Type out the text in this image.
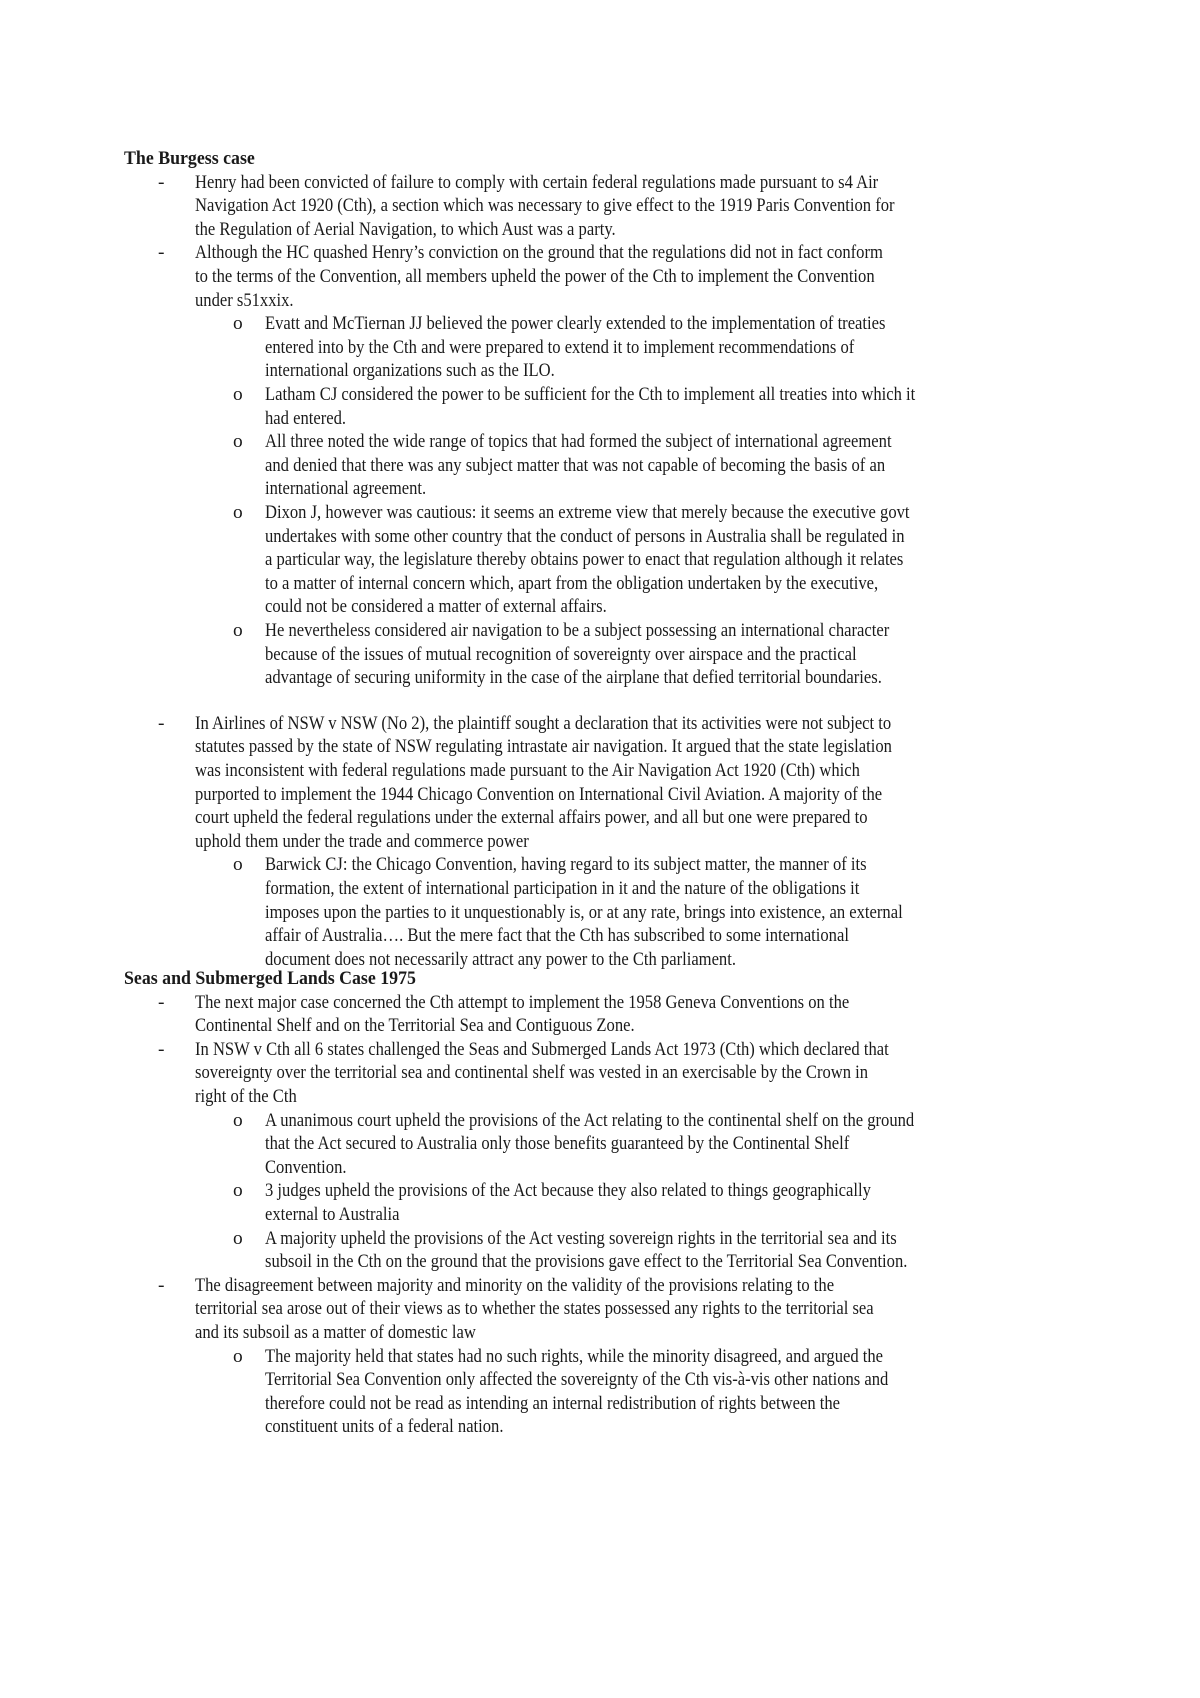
The Burgess case
- Henry had been convicted of failure to comply with certain federal regulations made pursuant to s4 Air
Navigation Act 1920 (Cth), a section which was necessary to give effect to the 1919 Paris Convention for
the Regulation of Aerial Navigation, to which Aust was a party.
- Although the HC quashed Henry’s conviction on the ground that the regulations did not in fact conform
to the terms of the Convention, all members upheld the power of the Cth to implement the Convention
under s51xxix.
o Evatt and McTiernan JJ believed the power clearly extended to the implementation of treaties
entered into by the Cth and were prepared to extend it to implement recommendations of
international organizations such as the ILO.
o Latham CJ considered the power to be sufficient for the Cth to implement all treaties into which it
had entered.
o All three noted the wide range of topics that had formed the subject of international agreement
and denied that there was any subject matter that was not capable of becoming the basis of an
international agreement.
o Dixon J, however was cautious: it seems an extreme view that merely because the executive govt
undertakes with some other country that the conduct of persons in Australia shall be regulated in
a particular way, the legislature thereby obtains power to enact that regulation although it relates
to a matter of internal concern which, apart from the obligation undertaken by the executive,
could not be considered a matter of external affairs.
o He nevertheless considered air navigation to be a subject possessing an international character
because of the issues of mutual recognition of sovereignty over airspace and the practical
advantage of securing uniformity in the case of the airplane that defied territorial boundaries.
- In Airlines of NSW v NSW (No 2), the plaintiff sought a declaration that its activities were not subject to
statutes passed by the state of NSW regulating intrastate air navigation. It argued that the state legislation
was inconsistent with federal regulations made pursuant to the Air Navigation Act 1920 (Cth) which
purported to implement the 1944 Chicago Convention on International Civil Aviation. A majority of the
court upheld the federal regulations under the external affairs power, and all but one were prepared to
uphold them under the trade and commerce power
o Barwick CJ: the Chicago Convention, having regard to its subject matter, the manner of its
formation, the extent of international participation in it and the nature of the obligations it
imposes upon the parties to it unquestionably is, or at any rate, brings into existence, an external
affair of Australia…. But the mere fact that the Cth has subscribed to some international
document does not necessarily attract any power to the Cth parliament.
Seas and Submerged Lands Case 1975
- The next major case concerned the Cth attempt to implement the 1958 Geneva Conventions on the
Continental Shelf and on the Territorial Sea and Contiguous Zone.
- In NSW v Cth all 6 states challenged the Seas and Submerged Lands Act 1973 (Cth) which declared that
sovereignty over the territorial sea and continental shelf was vested in an exercisable by the Crown in
right of the Cth
o A unanimous court upheld the provisions of the Act relating to the continental shelf on the ground
that the Act secured to Australia only those benefits guaranteed by the Continental Shelf
Convention.
o 3 judges upheld the provisions of the Act because they also related to things geographically
external to Australia
o A majority upheld the provisions of the Act vesting sovereign rights in the territorial sea and its
subsoil in the Cth on the ground that the provisions gave effect to the Territorial Sea Convention.
- The disagreement between majority and minority on the validity of the provisions relating to the
territorial sea arose out of their views as to whether the states possessed any rights to the territorial sea
and its subsoil as a matter of domestic law
o The majority held that states had no such rights, while the minority disagreed, and argued the
Territorial Sea Convention only affected the sovereignty of the Cth vis-à-vis other nations and
therefore could not be read as intending an internal redistribution of rights between the
constituent units of a federal nation.
